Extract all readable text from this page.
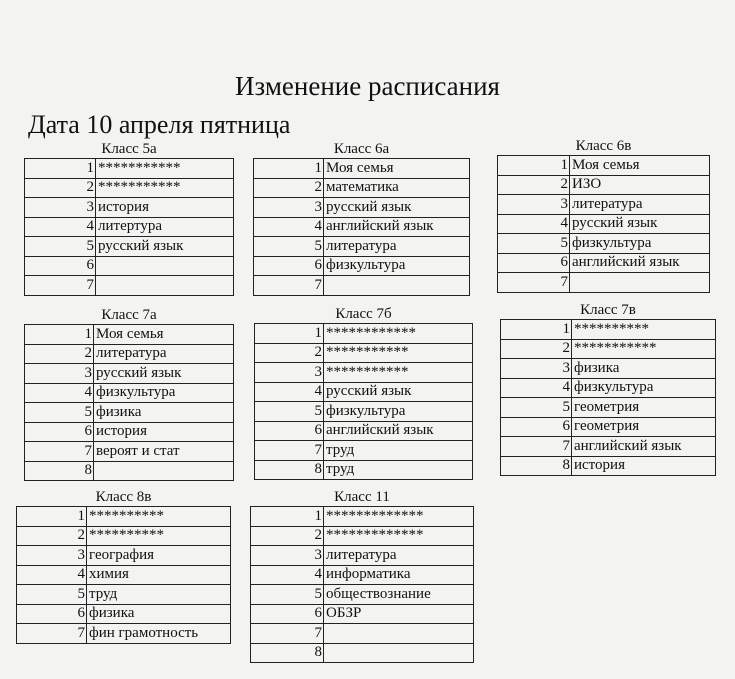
Изменение расписания
Дата 10 апреля пятница
Класс 5а
1	***********
2	***********
3	история
4	литертура
5	русский язык
6	
7	
Класс 6а
1	Моя семья
2	математика
3	русский язык
4	английский язык
5	литература
6	физкультура
7	
Класс 6в
1	Моя семья
2	ИЗО
3	литература
4	русский язык
5	физкультура
6	английский язык
7	
Класс 7а
1	Моя семья
2	литература
3	русский язык
4	физкультура
5	физика
6	история
7	вероят и стат
8	
Класс 7б
1	************
2	***********
3	***********
4	русский язык
5	физкультура
6	английский язык
7	труд
8	труд
Класс 7в
1	**********
2	***********
3	физика
4	физкультура
5	геометрия
6	геометрия
7	английский язык
8	история
Класс 8в
1	**********
2	**********
3	география
4	химия
5	труд
6	физика
7	фин грамотность
Класс 11
1	*************
2	*************
3	литература
4	информатика
5	обществознание
6	ОБЗР
7	
8	
